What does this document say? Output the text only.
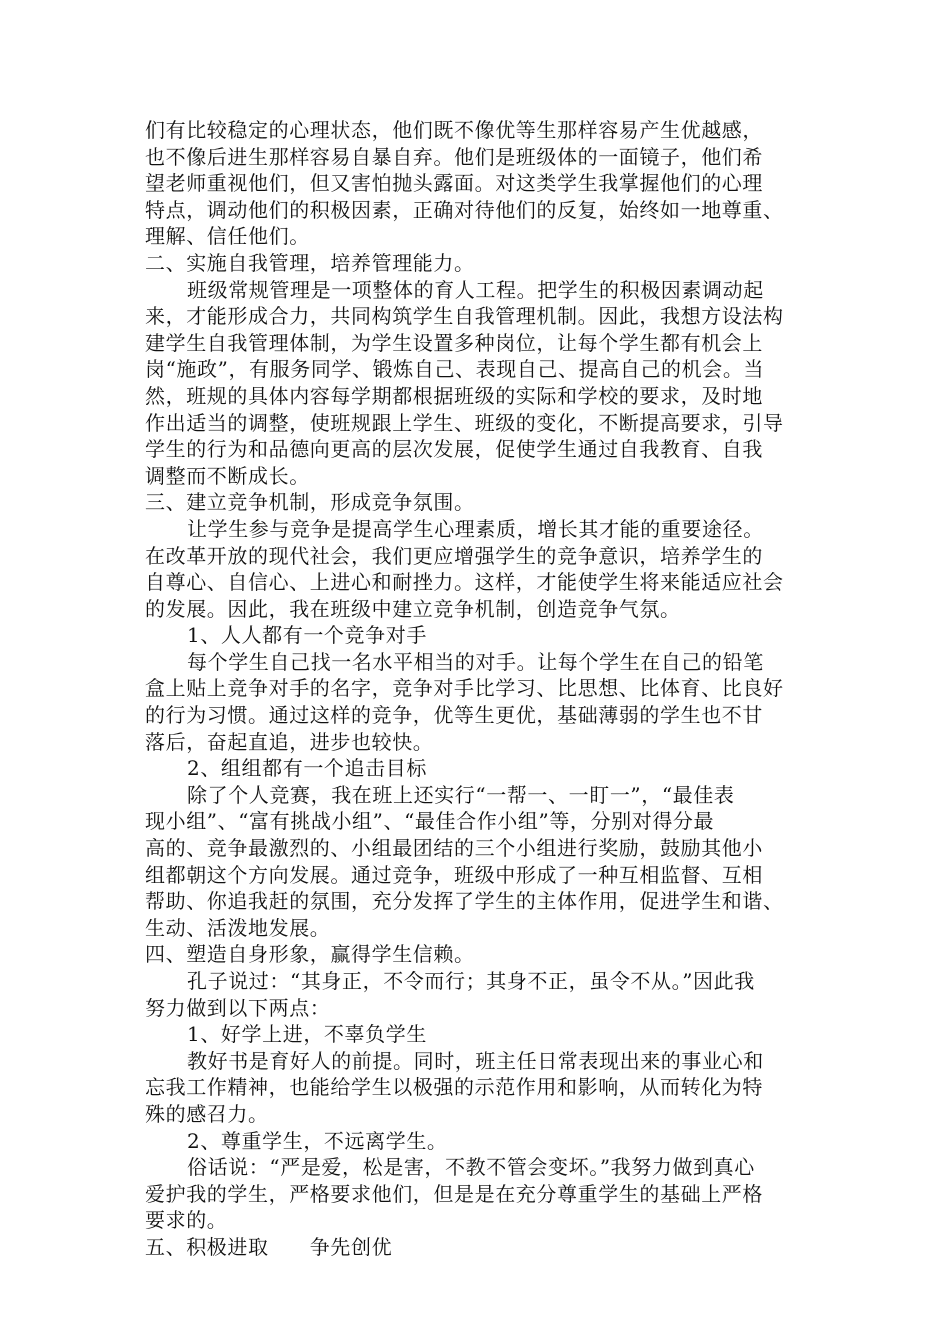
们有比较稳定的心理状态，他们既不像优等生那样容易产生优越感，
也不像后进生那样容易自暴自弃。他们是班级体的一面镜子，他们希
望老师重视他们，但又害怕抛头露面。对这类学生我掌握他们的心理
特点，调动他们的积极因素，正确对待他们的反复，始终如一地尊重、
理解、信任他们。
二、实施自我管理，培养管理能力。
班级常规管理是一项整体的育人工程。把学生的积极因素调动起
来，才能形成合力，共同构筑学生自我管理机制。因此，我想方设法构
建学生自我管理体制，为学生设置多种岗位，让每个学生都有机会上
岗“施政”，有服务同学、锻炼自己、表现自己、提高自己的机会。当
然，班规的具体内容每学期都根据班级的实际和学校的要求，及时地
作出适当的调整，使班规跟上学生、班级的变化，不断提高要求，引导
学生的行为和品德向更高的层次发展，促使学生通过自我教育、自我
调整而不断成长。
三、建立竞争机制，形成竞争氛围。
让学生参与竞争是提高学生心理素质，增长其才能的重要途径。
在改革开放的现代社会，我们更应增强学生的竞争意识，培养学生的
自尊心、自信心、上进心和耐挫力。这样，才能使学生将来能适应社会
的发展。因此，我在班级中建立竞争机制，创造竞争气氛。
1、人人都有一个竞争对手
每个学生自己找一名水平相当的对手。让每个学生在自己的铅笔
盒上贴上竞争对手的名字，竞争对手比学习、比思想、比体育、比良好
的行为习惯。通过这样的竞争，优等生更优，基础薄弱的学生也不甘
落后，奋起直追，进步也较快。
2、组组都有一个追击目标
除了个人竞赛，我在班上还实行“一帮一、一盯一”，“最佳表
现小组”、“富有挑战小组”、“最佳合作小组”等，分别对得分最
高的、竞争最激烈的、小组最团结的三个小组进行奖励，鼓励其他小
组都朝这个方向发展。通过竞争，班级中形成了一种互相监督、互相
帮助、你追我赶的氛围，充分发挥了学生的主体作用，促进学生和谐、
生动、活泼地发展。
四、塑造自身形象，赢得学生信赖。
孔子说过：“其身正，不令而行；其身不正，虽令不从。”因此我
努力做到以下两点：
1、好学上进，不辜负学生
教好书是育好人的前提。同时，班主任日常表现出来的事业心和
忘我工作精神，也能给学生以极强的示范作用和影响，从而转化为特
殊的感召力。
2、尊重学生，不远离学生。
俗话说：“严是爱，松是害，不教不管会变坏。”我努力做到真心
爱护我的学生，严格要求他们，但是是在充分尊重学生的基础上严格
要求的。
五、积极进取　　争先创优
